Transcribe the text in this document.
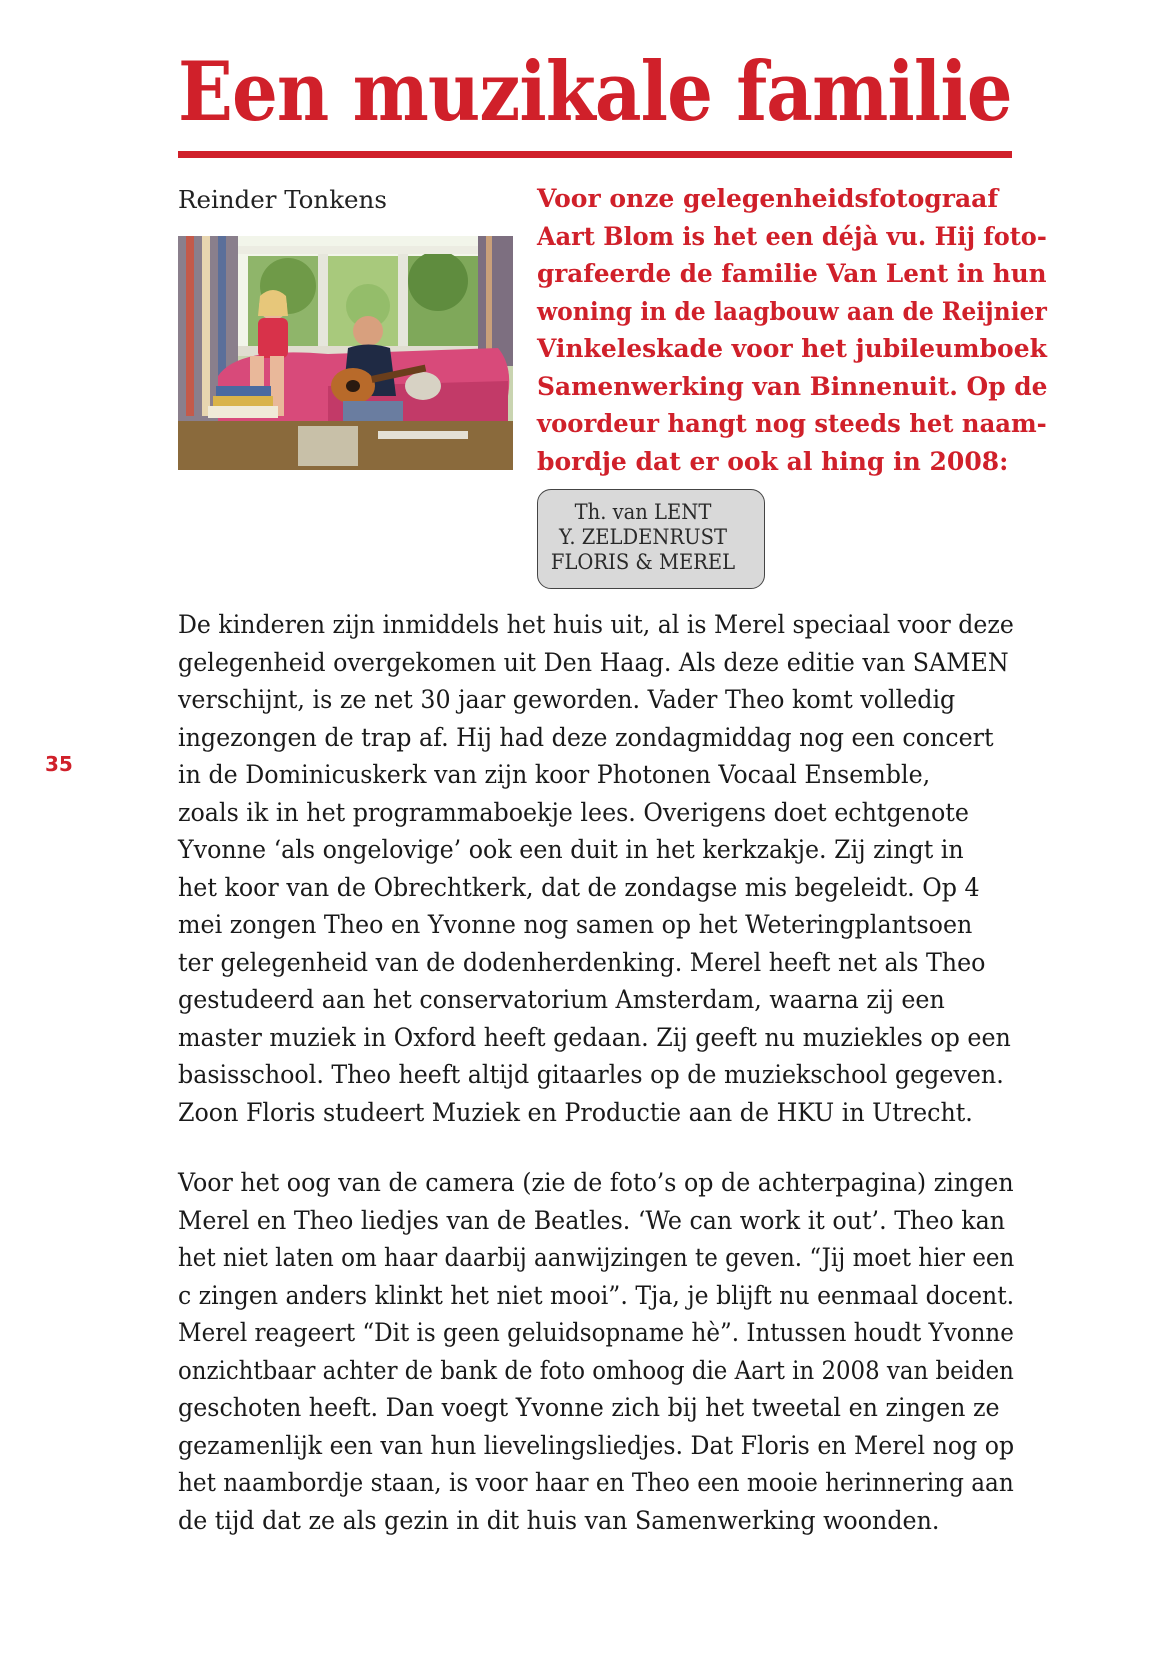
Een muzikale familie
Reinder Tonkens	Voor onze gelegenheidsfotograaf
Aart Blom is het een déjà vu. Hij foto-
grafeerde de familie Van Lent in hun
woning in de laagbouw aan de Reijnier
Vinkeleskade voor het jubileumboek
Samenwerking van Binnenuit. Op de
voordeur hangt nog steeds het naam-
bordje dat er ook al hing in 2008:

Th. van LENT
Y. ZELDENRUST
FLORIS & MEREL
35

De kinderen zijn inmiddels het huis uit, al is Merel speciaal voor deze
gelegenheid overgekomen uit Den Haag. Als deze editie van SAMEN
verschijnt, is ze net 30 jaar geworden. Vader Theo komt volledig
ingezongen de trap af. Hij had deze zondagmiddag nog een concert
in de Dominicuskerk van zijn koor Photonen Vocaal Ensemble,
zoals ik in het programmaboekje lees. Overigens doet echtgenote
Yvonne ‘als ongelovige’ ook een duit in het kerkzakje. Zij zingt in
het koor van de Obrechtkerk, dat de zondagse mis begeleidt. Op 4
mei zongen Theo en Yvonne nog samen op het Weteringplantsoen
ter gelegenheid van de dodenherdenking. Merel heeft net als Theo
gestudeerd aan het conservatorium Amsterdam, waarna zij een
master muziek in Oxford heeft gedaan. Zij geeft nu muziekles op een
basisschool. Theo heeft altijd gitaarles op de muziekschool gegeven.
Zoon Floris studeert Muziek en Productie aan de HKU in Utrecht.

Voor het oog van de camera (zie de foto’s op de achterpagina) zingen
Merel en Theo liedjes van de Beatles. ‘We can work it out’. Theo kan
het niet laten om haar daarbij aanwijzingen te geven. “Jij moet hier een
c zingen anders klinkt het niet mooi”. Tja, je blijft nu eenmaal docent.
Merel reageert “Dit is geen geluidsopname hè”. Intussen houdt Yvonne
onzichtbaar achter de bank de foto omhoog die Aart in 2008 van beiden
geschoten heeft. Dan voegt Yvonne zich bij het tweetal en zingen ze
gezamenlijk een van hun lievelingsliedjes. Dat Floris en Merel nog op
het naambordje staan, is voor haar en Theo een mooie herinnering aan
de tijd dat ze als gezin in dit huis van Samenwerking woonden.
